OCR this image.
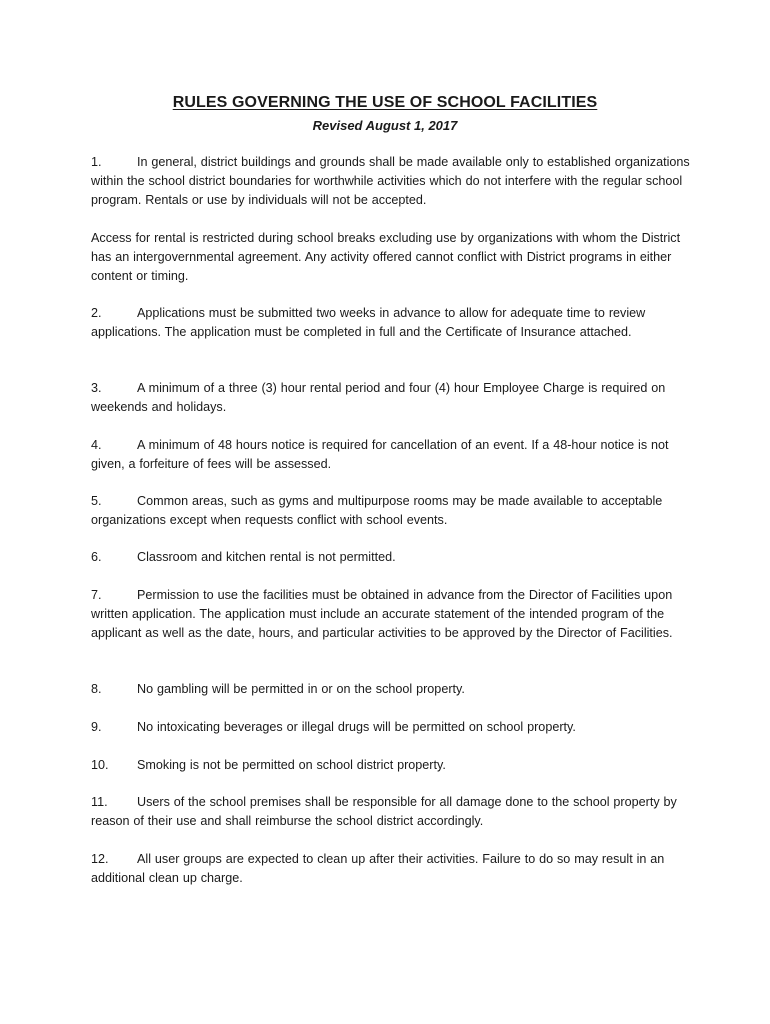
RULES GOVERNING THE USE OF SCHOOL FACILITIES
Revised August 1, 2017

1.	In general, district buildings and grounds shall be made available only to established organizations within the school district boundaries for worthwhile activities which do not interfere with the regular school program. Rentals or use by individuals will not be accepted.

Access for rental is restricted during school breaks excluding use by organizations with whom the District has an intergovernmental agreement. Any activity offered cannot conflict with District programs in either content or timing.

2.	Applications must be submitted two weeks in advance to allow for adequate time to review applications. The application must be completed in full and the Certificate of Insurance attached.

3.	A minimum of a three (3) hour rental period and four (4) hour Employee Charge is required on weekends and holidays.

4.	A minimum of 48 hours notice is required for cancellation of an event. If a 48-hour notice is not given, a forfeiture of fees will be assessed.

5.	Common areas, such as gyms and multipurpose rooms may be made available to acceptable organizations except when requests conflict with school events.

6.	Classroom and kitchen rental is not permitted.

7.	Permission to use the facilities must be obtained in advance from the Director of Facilities upon written application. The application must include an accurate statement of the intended program of the applicant as well as the date, hours, and particular activities to be approved by the Director of Facilities.

8.	No gambling will be permitted in or on the school property.

9.	No intoxicating beverages or illegal drugs will be permitted on school property.

10. Smoking is not be permitted on school district property.

11. Users of the school premises shall be responsible for all damage done to the school property by reason of their use and shall reimburse the school district accordingly.

12. All user groups are expected to clean up after their activities. Failure to do so may result in an additional clean up charge.
